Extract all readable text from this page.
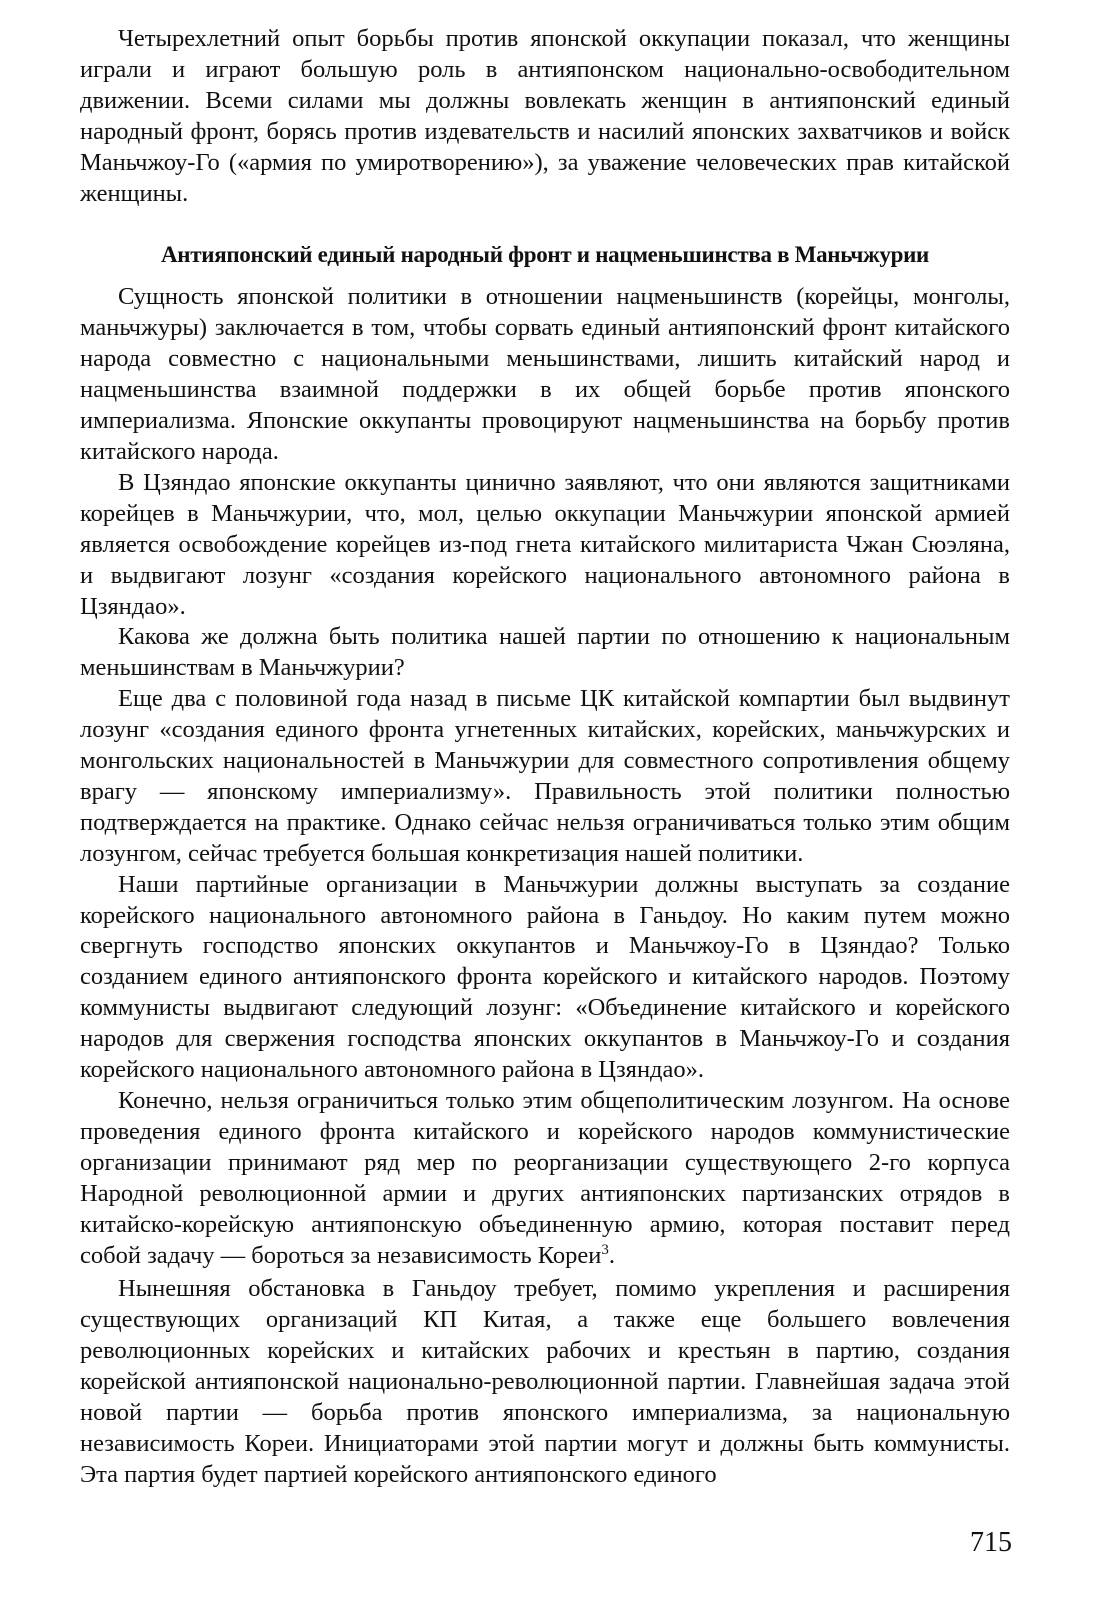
Четырехлетний опыт борьбы против японской оккупации показал, что женщины играли и играют большую роль в антияпонском национально-освободительном движении. Всеми силами мы должны вовлекать женщин в антияпонский единый народный фронт, борясь против издевательств и насилий японских захватчиков и войск Маньчжоу-Го («армия по умиротворению»), за уважение человеческих прав китайской женщины.

Антияпонский единый народный фронт и нацменьшинства в Маньчжурии

Сущность японской политики в отношении нацменьшинств (корейцы, монголы, маньчжуры) заключается в том, чтобы сорвать единый антияпонский фронт китайского народа совместно с национальными меньшинствами, лишить китайский народ и нацменьшинства взаимной поддержки в их общей борьбе против японского империализма. Японские оккупанты провоцируют нацменьшинства на борьбу против китайского народа.

В Цзяндао японские оккупанты цинично заявляют, что они являются защитниками корейцев в Маньчжурии, что, мол, целью оккупации Маньчжурии японской армией является освобождение корейцев из-под гнета китайского милитариста Чжан Сюэляна, и выдвигают лозунг «создания корейского национального автономного района в Цзяндао».

Какова же должна быть политика нашей партии по отношению к национальным меньшинствам в Маньчжурии?

Еще два с половиной года назад в письме ЦК китайской компартии был выдвинут лозунг «создания единого фронта угнетенных китайских, корейских, маньчжурских и монгольских национальностей в Маньчжурии для совместного сопротивления общему врагу — японскому империализму». Правильность этой политики полностью подтверждается на практике. Однако сейчас нельзя ограничиваться только этим общим лозунгом, сейчас требуется большая конкретизация нашей политики.

Наши партийные организации в Маньчжурии должны выступать за создание корейского национального автономного района в Ганьдоу. Но каким путем можно свергнуть господство японских оккупантов и Маньчжоу-Го в Цзяндао? Только созданием единого антияпонского фронта корейского и китайского народов. Поэтому коммунисты выдвигают следующий лозунг: «Объединение китайского и корейского народов для свержения господства японских оккупантов в Маньчжоу-Го и создания корейского национального автономного района в Цзяндао».

Конечно, нельзя ограничиться только этим общеполитическим лозунгом. На основе проведения единого фронта китайского и корейского народов коммунистические организации принимают ряд мер по реорганизации существующего 2-го корпуса Народной революционной армии и других антияпонских партизанских отрядов в китайско-корейскую антияпонскую объединенную армию, которая поставит перед собой задачу — бороться за независимость Кореи$^3$.

Нынешняя обстановка в Ганьдоу требует, помимо укрепления и расширения существующих организаций КП Китая, а также еще большего вовлечения революционных корейских и китайских рабочих и крестьян в партию, создания корейской антияпонской национально-революционной партии. Главнейшая задача этой новой партии — борьба против японского империализма, за национальную независимость Кореи. Инициаторами этой партии могут и должны быть коммунисты. Эта партия будет партией корейского антияпонского единого

715
